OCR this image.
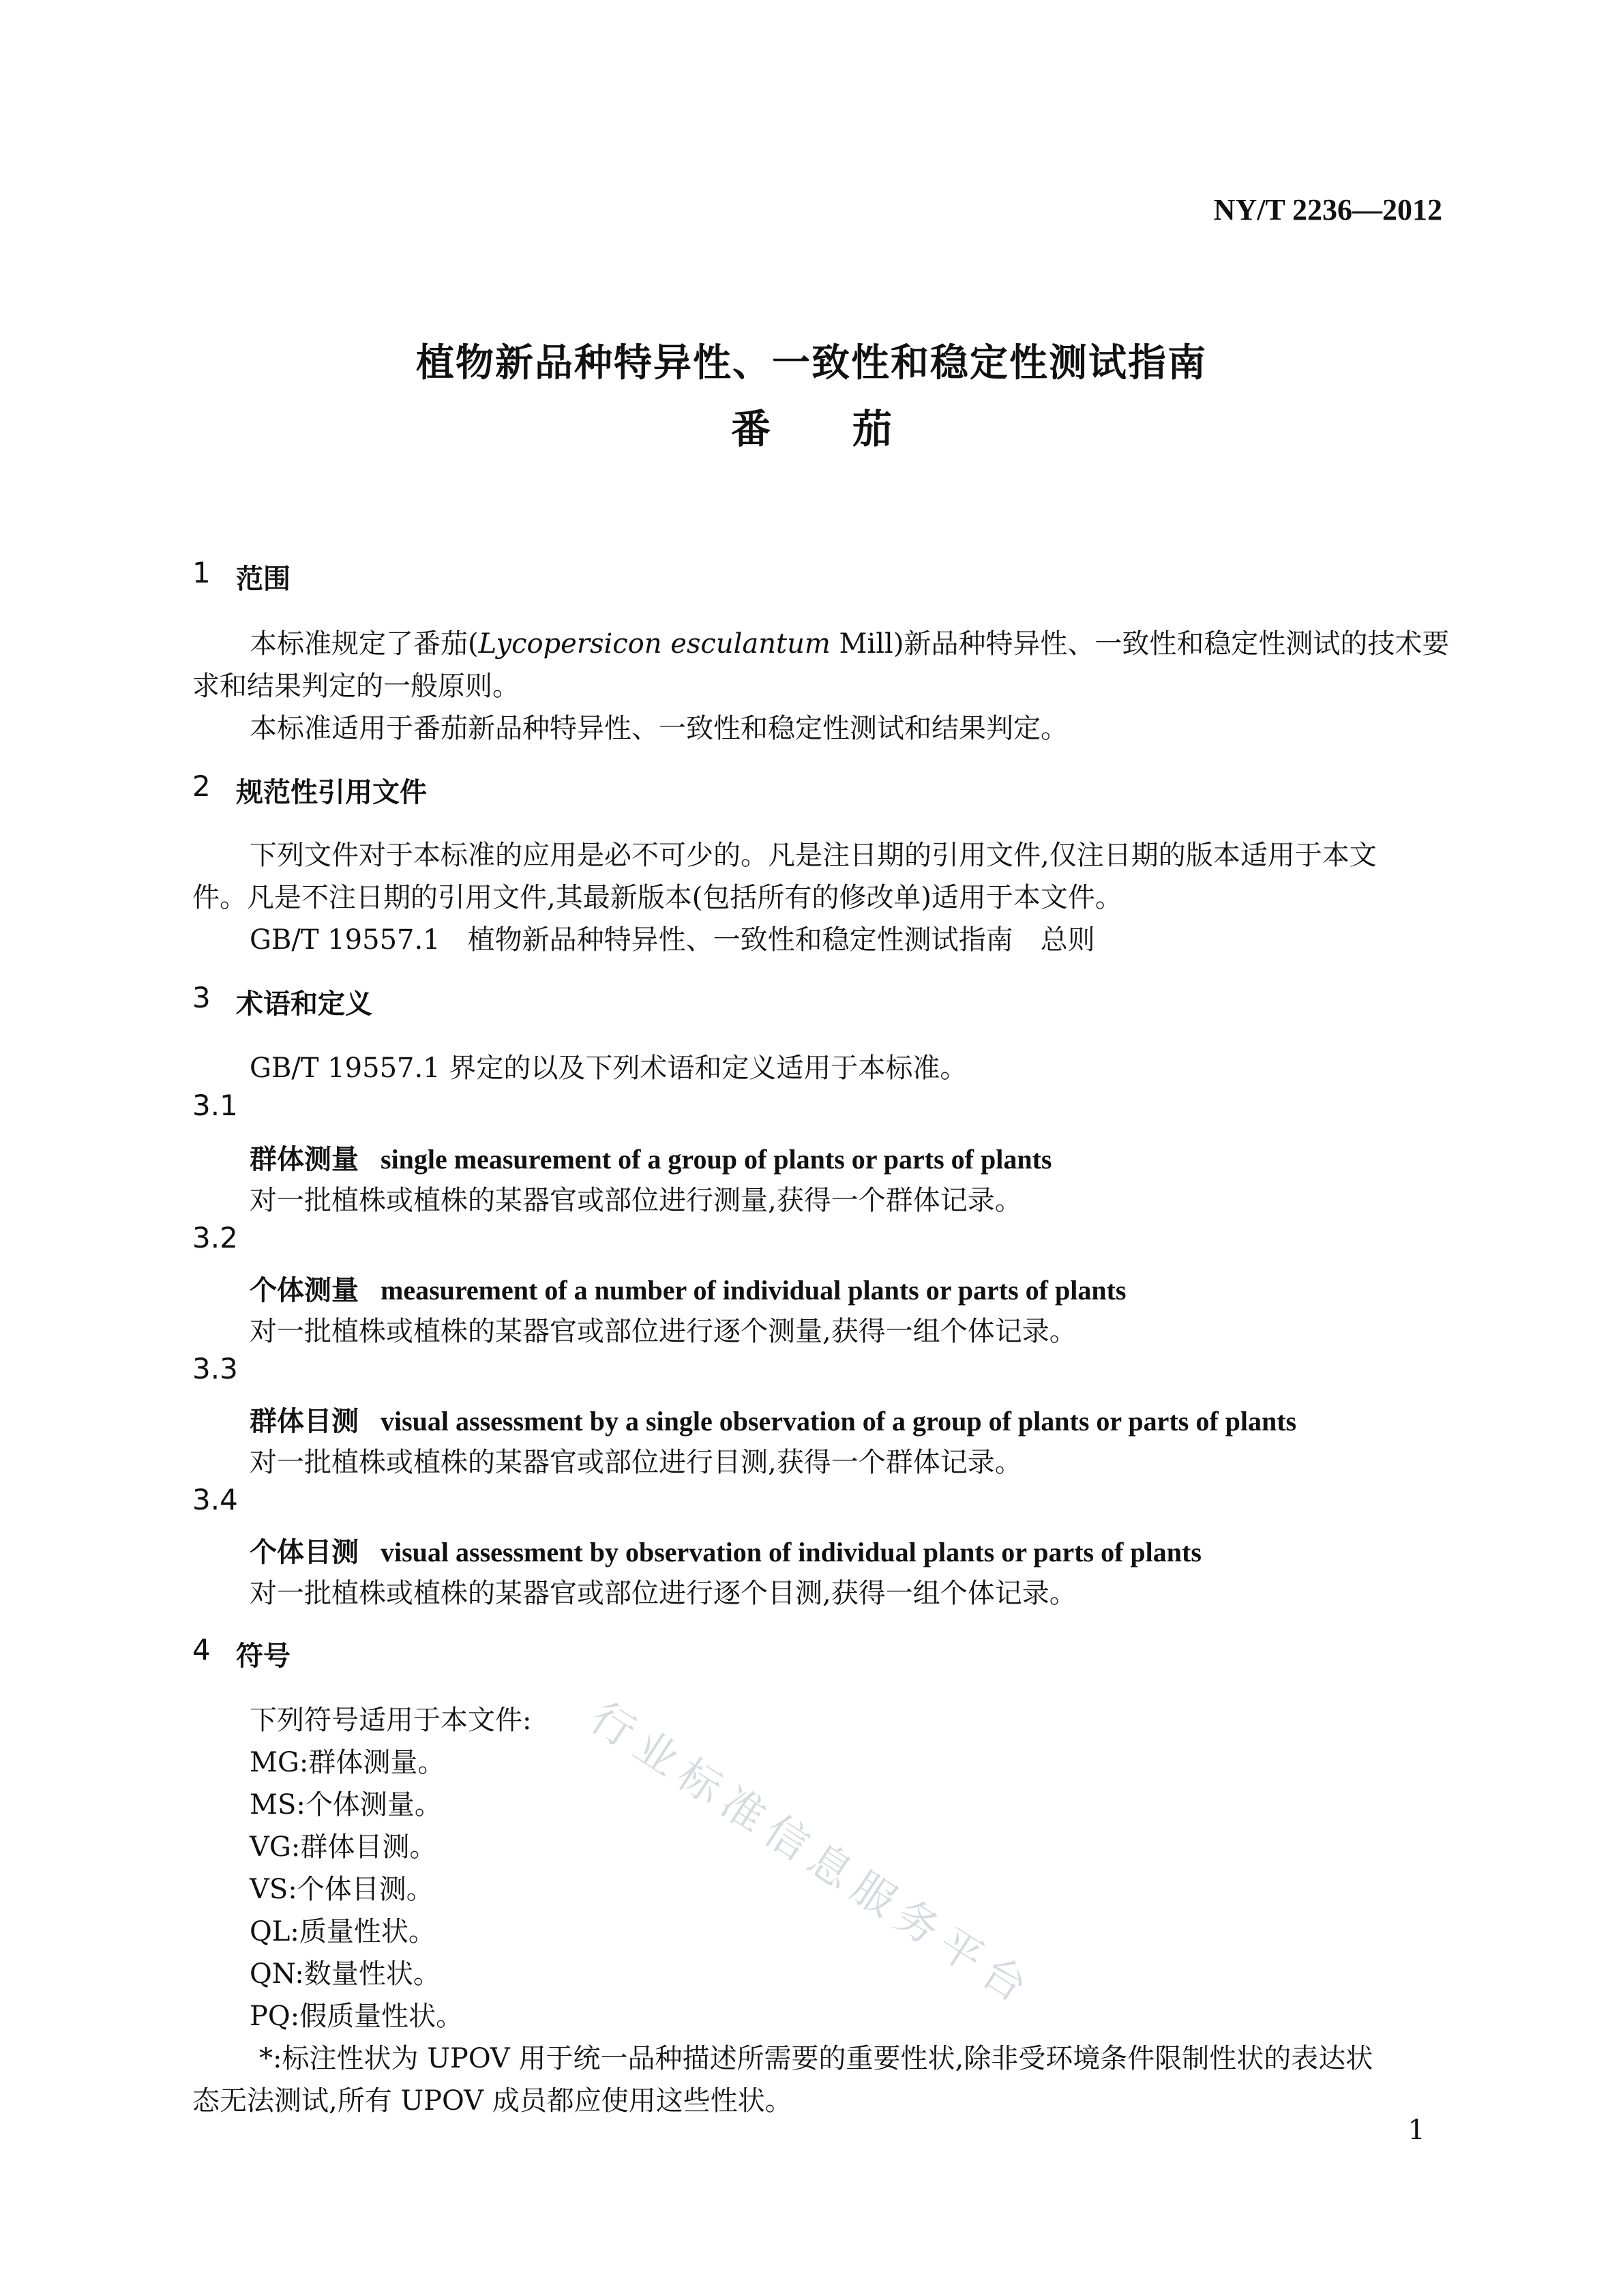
NY/T 2236—2012
植物新品种特异性、一致性和稳定性测试指南
番茄
1 范围
本标准规定了番茄(Lycopersicon esculantum Mill)新品种特异性、一致性和稳定性测试的技术要
求和结果判定的一般原则。
本标准适用于番茄新品种特异性、一致性和稳定性测试和结果判定。
2 规范性引用文件
下列文件对于本标准的应用是必不可少的。凡是注日期的引用文件,仅注日期的版本适用于本文
件。凡是不注日期的引用文件,其最新版本(包括所有的修改单)适用于本文件。
GB/T 19557.1 植物新品种特异性、一致性和稳定性测试指南 总则
3 术语和定义
GB/T 19557.1 界定的以及下列术语和定义适用于本标准。
3.1
群体测量 single measurement of a group of plants or parts of plants
对一批植株或植株的某器官或部位进行测量,获得一个群体记录。
3.2
个体测量 measurement of a number of individual plants or parts of plants
对一批植株或植株的某器官或部位进行逐个测量,获得一组个体记录。
3.3
群体目测 visual assessment by a single observation of a group of plants or parts of plants
对一批植株或植株的某器官或部位进行目测,获得一个群体记录。
3.4
个体目测 visual assessment by observation of individual plants or parts of plants
对一批植株或植株的某器官或部位进行逐个目测,获得一组个体记录。
4 符号
下列符号适用于本文件:
MG:群体测量。
MS:个体测量。
VG:群体目测。
VS:个体目测。
QL:质量性状。
QN:数量性状。
PQ:假质量性状。
*:标注性状为 UPOV 用于统一品种描述所需要的重要性状,除非受环境条件限制性状的表达状
态无法测试,所有 UPOV 成员都应使用这些性状。
行业标准信息服务平台
1
